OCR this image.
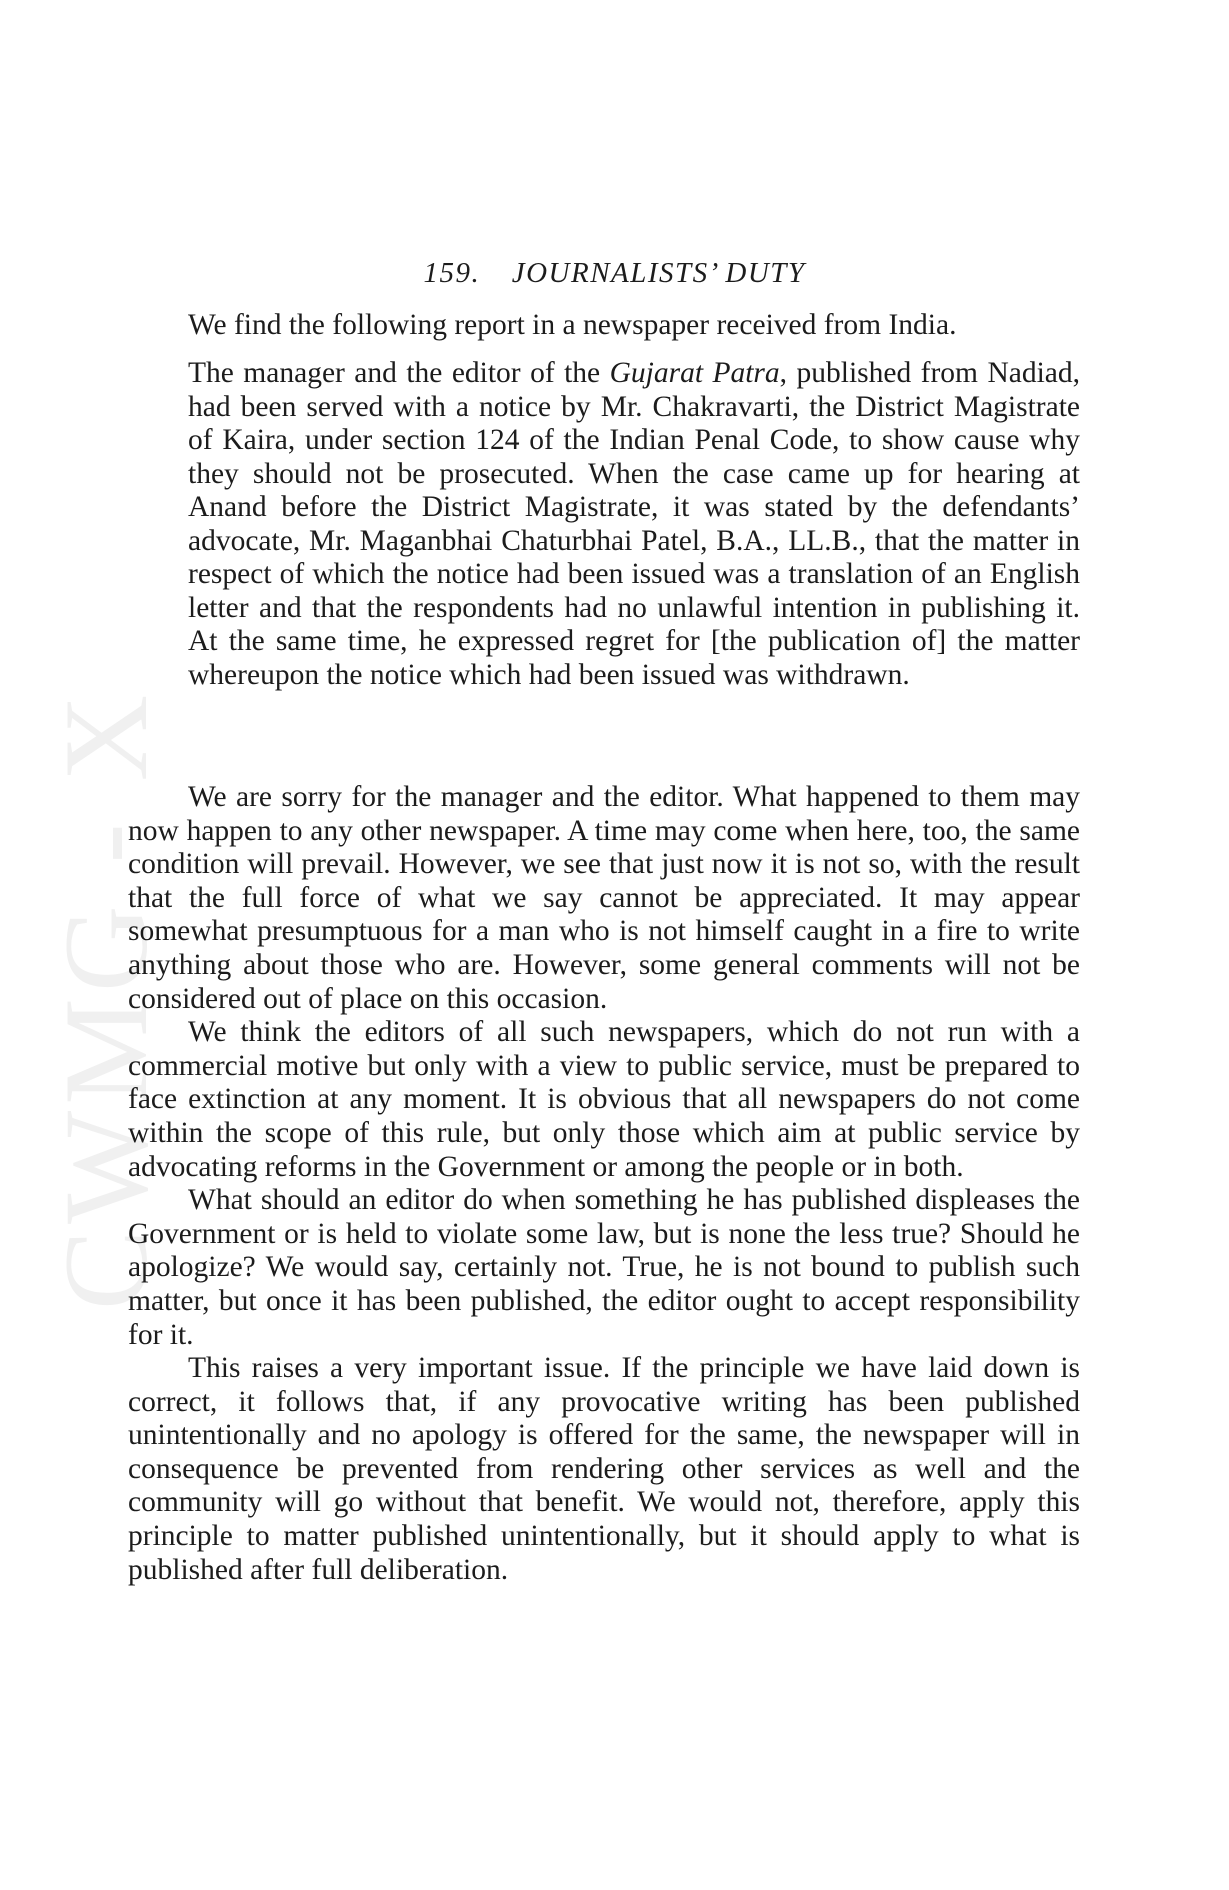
CWMG - X
159. JOURNALISTS’ DUTY

We find the following report in a newspaper received from India.

The manager and the editor of the Gujarat Patra, published from Nadiad, had been served with a notice by Mr. Chakravarti, the District Magistrate of Kaira, under section 124 of the Indian Penal Code, to show cause why they should not be prosecuted. When the case came up for hearing at Anand before the District Magistrate, it was stated by the defendants’ advocate, Mr. Maganbhai Chaturbhai Patel, B.A., LL.B., that the matter in respect of which the notice had been issued was a translation of an English letter and that the respondents had no unlawful intention in publishing it. At the same time, he expressed regret for [the publication of] the matter whereupon the notice which had been issued was withdrawn.

We are sorry for the manager and the editor. What happened to them may now happen to any other newspaper. A time may come when here, too, the same condition will prevail. However, we see that just now it is not so, with the result that the full force of what we say cannot be appreciated. It may appear somewhat presumptuous for a man who is not himself caught in a fire to write anything about those who are. However, some general comments will not be considered out of place on this occasion.

We think the editors of all such newspapers, which do not run with a commercial motive but only with a view to public service, must be prepared to face extinction at any moment. It is obvious that all newspapers do not come within the scope of this rule, but only those which aim at public service by advocating reforms in the Government or among the people or in both.

What should an editor do when something he has published displeases the Government or is held to violate some law, but is none the less true? Should he apologize? We would say, certainly not. True, he is not bound to publish such matter, but once it has been published, the editor ought to accept responsibility for it.

This raises a very important issue. If the principle we have laid down is correct, it follows that, if any provocative writing has been published unintentionally and no apology is offered for the same, the newspaper will in consequence be prevented from rendering other services as well and the community will go without that benefit. We would not, therefore, apply this principle to matter published unintentionally, but it should apply to what is published after full deliberation.
